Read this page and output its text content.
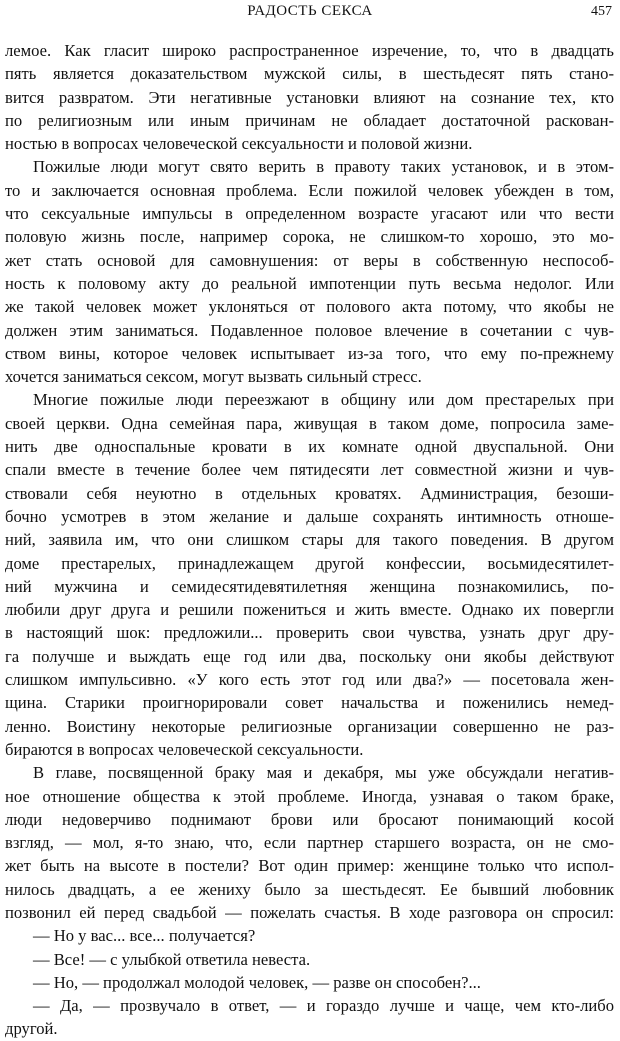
РАДОСТЬ СЕКСА	457
лемое. Как гласит широко распространенное изречение, то, что в двадцать
пять является доказательством мужской силы, в шестьдесят пять стано-
вится развратом. Эти негативные установки влияют на сознание тех, кто
по религиозным или иным причинам не обладает достаточной раскован-
ностью в вопросах человеческой сексуальности и половой жизни.
Пожилые люди могут свято верить в правоту таких установок, и в этом-
то и заключается основная проблема. Если пожилой человек убежден в том,
что сексуальные импульсы в определенном возрасте угасают или что вести
половую жизнь после, например сорока, не слишком-то хорошо, это мо-
жет стать основой для самовнушения: от веры в собственную неспособ-
ность к половому акту до реальной импотенции путь весьма недолог. Или
же такой человек может уклоняться от полового акта потому, что якобы не
должен этим заниматься. Подавленное половое влечение в сочетании с чув-
ством вины, которое человек испытывает из-за того, что ему по-прежнему
хочется заниматься сексом, могут вызвать сильный стресс.
Многие пожилые люди переезжают в общину или дом престарелых при
своей церкви. Одна семейная пара, живущая в таком доме, попросила заме-
нить две односпальные кровати в их комнате одной двуспальной. Они
спали вместе в течение более чем пятидесяти лет совместной жизни и чув-
ствовали себя неуютно в отдельных кроватях. Администрация, безоши-
бочно усмотрев в этом желание и дальше сохранять интимность отноше-
ний, заявила им, что они слишком стары для такого поведения. В другом
доме престарелых, принадлежащем другой конфессии, восьмидесятилет-
ний мужчина и семидесятидевятилетняя женщина познакомились, по-
любили друг друга и решили пожениться и жить вместе. Однако их повергли
в настоящий шок: предложили... проверить свои чувства, узнать друг дру-
га получше и выждать еще год или два, поскольку они якобы действуют
слишком импульсивно. «У кого есть этот год или два?» — посетовала жен-
щина. Старики проигнорировали совет начальства и поженились немед-
ленно. Воистину некоторые религиозные организации совершенно не раз-
бираются в вопросах человеческой сексуальности.
В главе, посвященной браку мая и декабря, мы уже обсуждали негатив-
ное отношение общества к этой проблеме. Иногда, узнавая о таком браке,
люди недоверчиво поднимают брови или бросают понимающий косой
взгляд, — мол, я-то знаю, что, если партнер старшего возраста, он не смо-
жет быть на высоте в постели? Вот один пример: женщине только что испол-
нилось двадцать, а ее жениху было за шестьдесят. Ее бывший любовник
позвонил ей перед свадьбой — пожелать счастья. В ходе разговора он спросил:
— Но у вас... все... получается?
— Все! — с улыбкой ответила невеста.
— Но, — продолжал молодой человек, — разве он способен?...
— Да, — прозвучало в ответ, — и гораздо лучше и чаще, чем кто-либо
другой.
